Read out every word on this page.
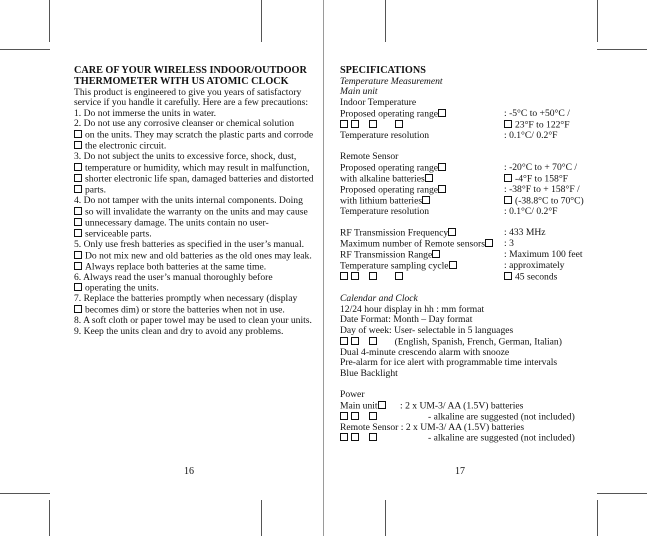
CARE OF YOUR WIRELESS INDOOR/OUTDOOR
THERMOMETER WITH US ATOMIC CLOCK
This product is engineered to give you years of satisfactory
service if you handle it carefully. Here are a few precautions:
1. Do not immerse the units in water.
2. Do not use any corrosive cleanser or chemical solution
on the units. They may scratch the plastic parts and corrode
the electronic circuit.
3. Do not subject the units to excessive force, shock, dust,
temperature or humidity, which may result in malfunction,
shorter electronic life span, damaged batteries and distorted
parts.
4. Do not tamper with the units internal components. Doing
so will invalidate the warranty on the units and may cause
unnecessary damage. The units contain no user-
serviceable parts.
5. Only use fresh batteries as specified in the user’s manual.
Do not mix new and old batteries as the old ones may leak.
Always replace both batteries at the same time.
6. Always read the user’s manual thoroughly before
operating the units.
7. Replace the batteries promptly when necessary (display
becomes dim) or store the batteries when not in use.
8. A soft cloth or paper towel may be used to clean your units.
9. Keep the units clean and dry to avoid any problems.
16
SPECIFICATIONS
Temperature Measurement
Main unit
Indoor Temperature
Proposed operating range	: -5°C to +50°C /

23°F to 122°F
Temperature resolution	: 0.1°C/ 0.2°F
Remote Sensor
Proposed operating range	: -20°C to + 70°C /
with alkaline batteries	-4°F to 158°F
Proposed operating range	: -38°F to + 158°F /
with lithium batteries	(-38.8°C to 70°C)
Temperature resolution	: 0.1°C/ 0.2°F
RF Transmission Frequency	: 433 MHz
Maximum number of Remote sensors	: 3
RF Transmission Range	: Maximum 100 feet
Temperature sampling cycle	: approximately

45 seconds
Calendar and Clock
12/24 hour display in hh : mm format
Date Format: Month – Day format
Day of week: User- selectable in 5 languages
(English, Spanish, French, German, Italian)
Dual 4-minute crescendo alarm with snooze
Pre-alarm for ice alert with programmable time intervals
Blue Backlight
Power
Main unit : 2 x UM-3/ AA (1.5V) batteries
- alkaline are suggested (not included)
Remote Sensor : 2 x UM-3/ AA (1.5V) batteries
- alkaline are suggested (not included)
17
